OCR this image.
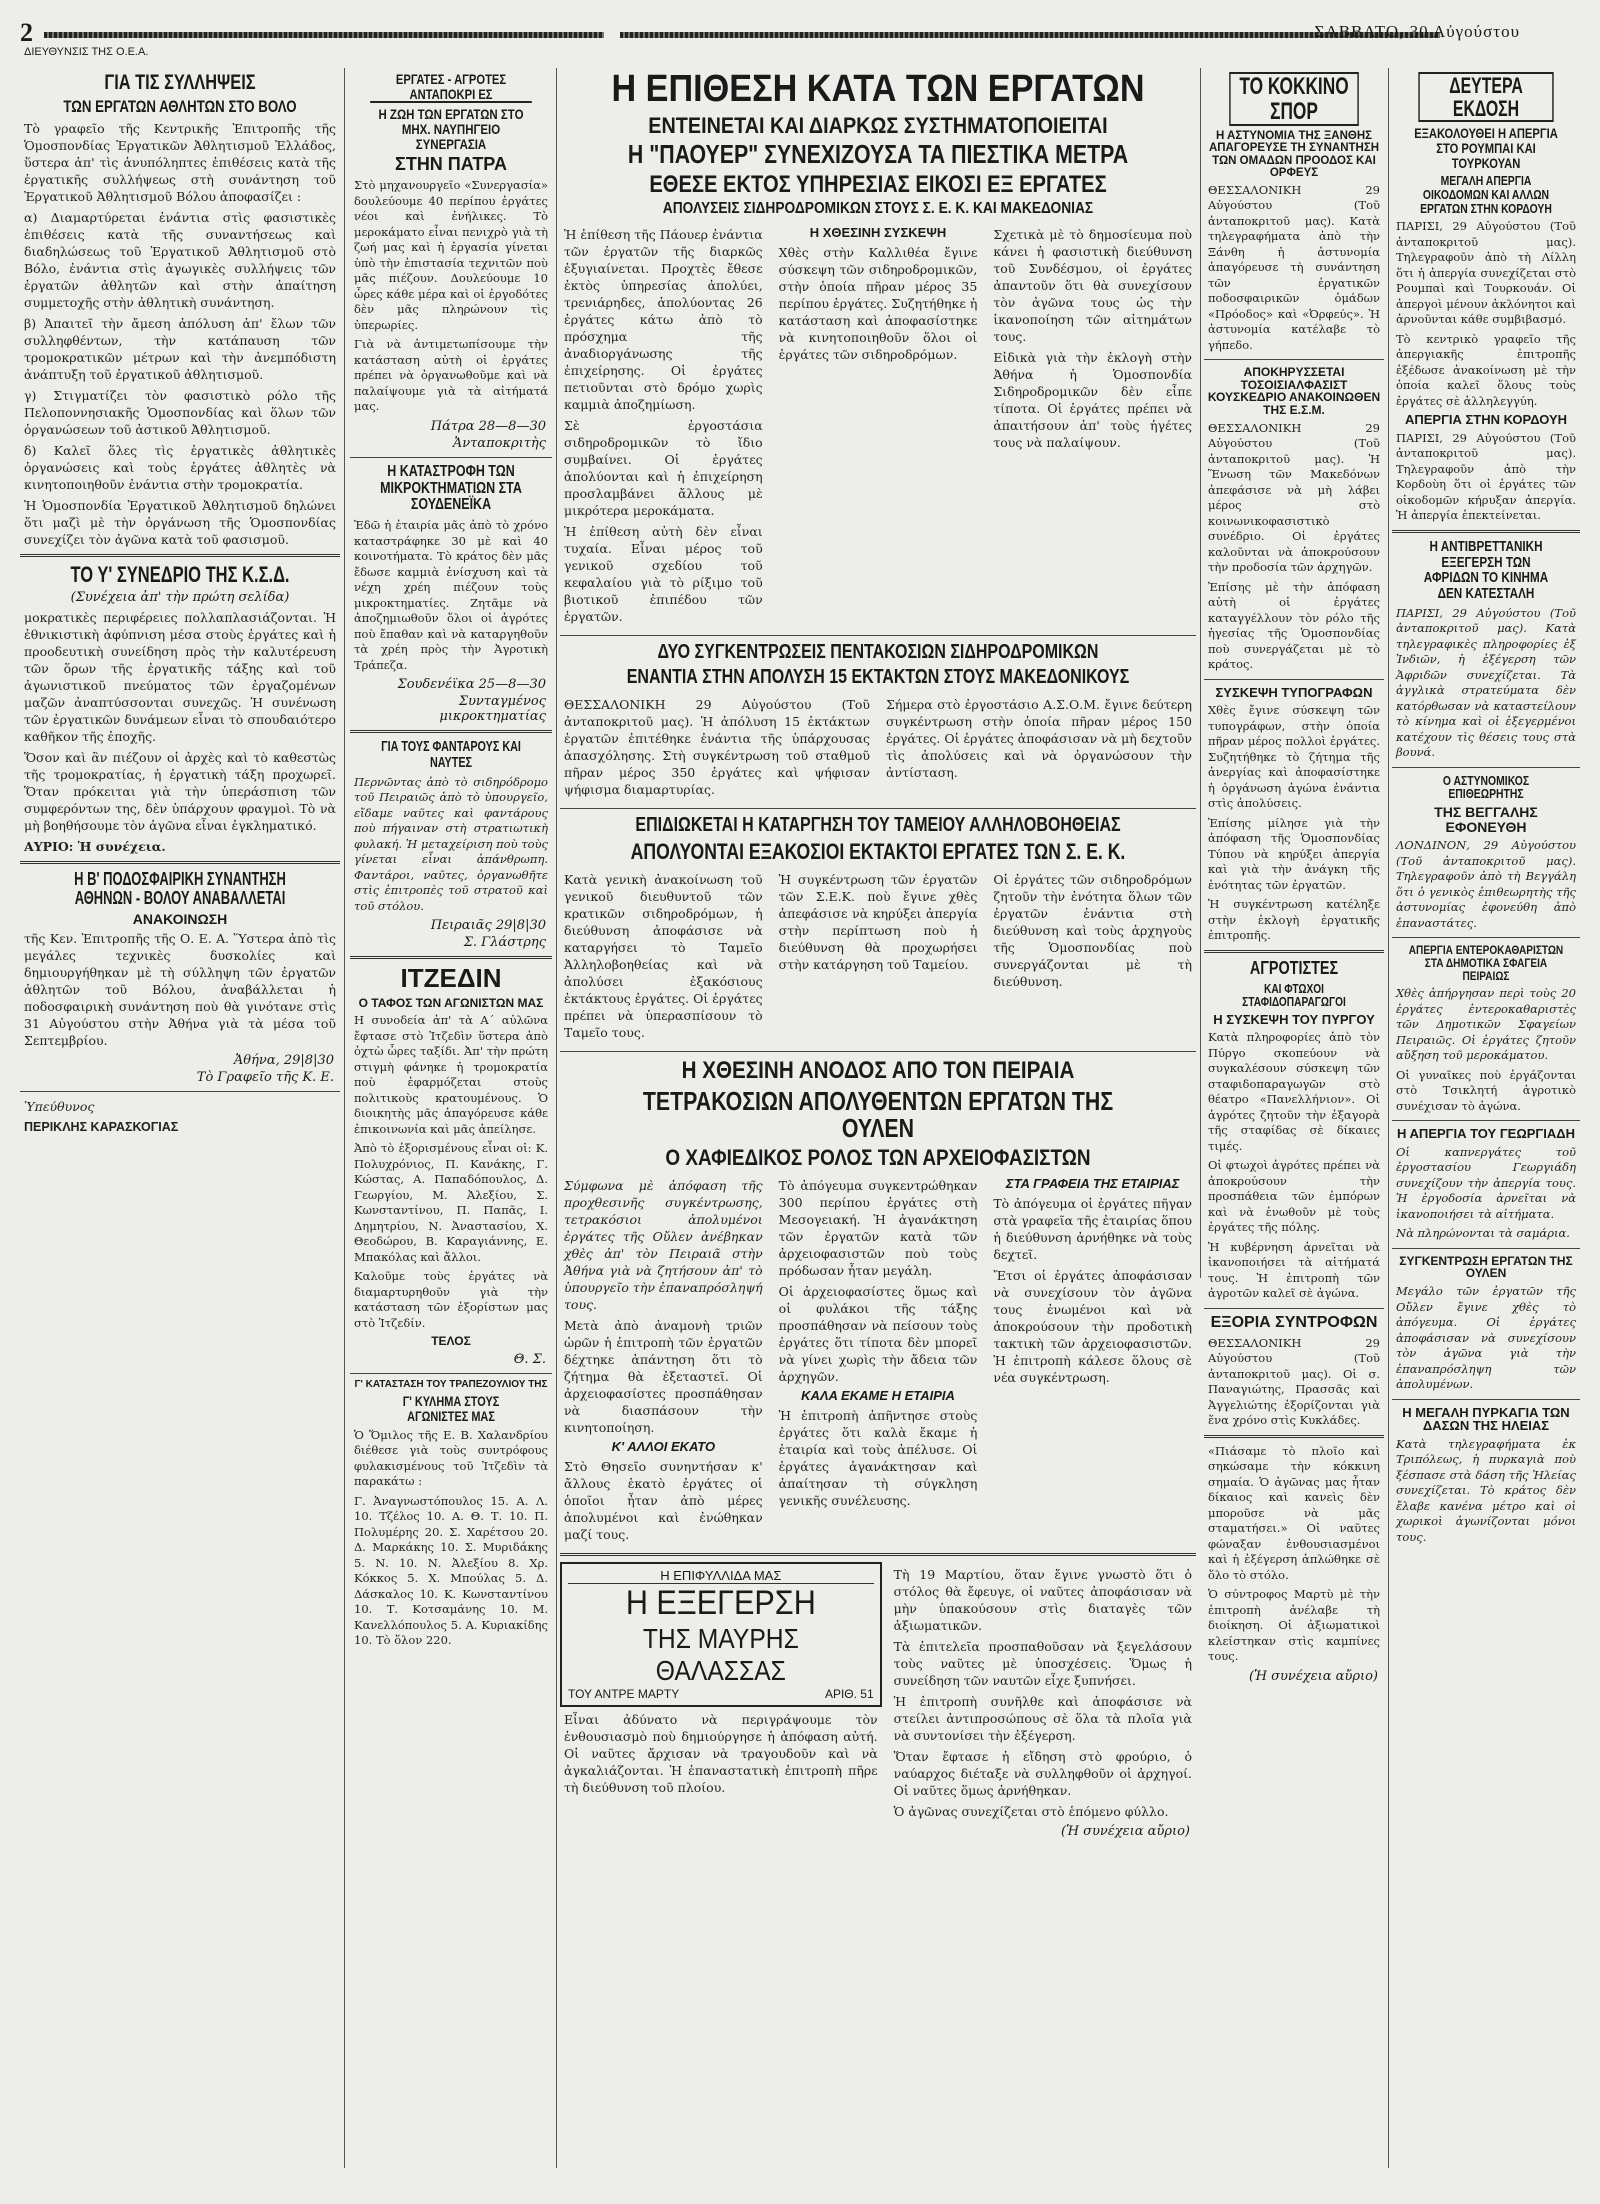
2
ΔΙΕΥΘΥΝΣΙΣ ΤΗΣ Ο.Ε.Α.
ΣΑΒΒΑΤΟ, 30 Αὐγούστου
ΓΙΑ ΤΙΣ ΣΥΛΛΗΨΕΙΣ
ΤΩΝ ΕΡΓΑΤΩΝ ΑΘΛΗΤΩΝ ΣΤΟ ΒΟΛΟ

Τὸ γραφεῖο τῆς Κεντρικῆς Ἐπιτροπῆς τῆς Ὁμοσπονδίας Ἐργατικῶν Ἀθλητισμοῦ Ἑλλάδος, ὕστερα ἀπ' τὶς ἀνυπόληπτες ἐπιθέσεις κατὰ τῆς ἐργατικῆς συλλήψεως στὴ συνάντηση τοῦ Ἐργατικοῦ Ἀθλητισμοῦ Βόλου ἀποφασίζει :

α) Διαμαρτύρεται ἐνάντια στὶς φασιστικὲς ἐπιθέσεις κατὰ τῆς συναντήσεως καὶ διαδηλώσεως τοῦ Ἐργατικοῦ Ἀθλητισμοῦ στὸ Βόλο, ἐνάντια στὶς ἀγωγικὲς συλλήψεις τῶν ἐργατῶν ἀθλητῶν καὶ στὴν ἀπαίτηση συμμετοχῆς στὴν ἀθλητικὴ συνάντηση.

β) Ἀπαιτεῖ τὴν ἄμεση ἀπόλυση ἀπ' ἔλων τῶν συλληφθέντων, τὴν κατάπαυση τῶν τρομοκρατικῶν μέτρων καὶ τὴν ἀνεμπόδιστη ἀνάπτυξη τοῦ ἐργατικοῦ ἀθλητισμοῦ.

γ) Στιγματίζει τὸν φασιστικὸ ρόλο τῆς Πελοποννησιακῆς Ὁμοσπονδίας καὶ ὅλων τῶν ὀργανώσεων τοῦ ἀστικοῦ Ἀθλητισμοῦ.

δ) Καλεῖ ὅλες τὶς ἐργατικὲς ἀθλητικὲς ὀργανώσεις καὶ τοὺς ἐργάτες ἀθλητὲς νὰ κινητοποιηθοῦν ἐνάντια στὴν τρομοκρατία.

Ἡ Ὁμοσπονδία Ἐργατικοῦ Ἀθλητισμοῦ δηλώνει ὅτι μαζὶ μὲ τὴν ὀργάνωση τῆς Ὁμοσπονδίας συνεχίζει τὸν ἀγῶνα κατὰ τοῦ φασισμοῦ.

ΤΟ Υ' ΣΥΝΕΔΡΙΟ ΤΗΣ Κ.Σ.Δ.
(Συνέχεια ἀπ' τὴν πρώτη σελίδα)

μοκρατικὲς περιφέρειες πολλαπλασιάζονται. Ἡ ἐθνικιστικὴ ἀφύπνιση μέσα στοὺς ἐργάτες καὶ ἡ προοδευτικὴ συνείδηση πρὸς τὴν καλυτέρευση τῶν ὅρων τῆς ἐργατικῆς τάξης καὶ τοῦ ἀγωνιστικοῦ πνεύματος τῶν ἐργαζομένων μαζῶν ἀναπτύσσονται συνεχῶς. Ἡ συνένωση τῶν ἐργατικῶν δυνάμεων εἶναι τὸ σπουδαιότερο καθῆκον τῆς ἐποχῆς.

Ὅσον καὶ ἂν πιέζουν οἱ ἀρχὲς καὶ τὸ καθεστὼς τῆς τρομοκρατίας, ἡ ἐργατικὴ τάξη προχωρεῖ. Ὅταν πρόκειται γιὰ τὴν ὑπεράσπιση τῶν συμφερόντων της, δὲν ὑπάρχουν φραγμοὶ. Τὸ νὰ μὴ βοηθήσουμε τὸν ἀγῶνα εἶναι ἐγκληματικό.

ΑΥΡΙΟ: Ἡ συνέχεια.

Η Β' ΠΟΔΟΣΦΑΙΡΙΚΗ ΣΥΝΑΝΤΗΣΗ ΑΘΗΝΩΝ - ΒΟΛΟΥ ΑΝΑΒΑΛΛΕΤΑΙ
ΑΝΑΚΟΙΝΩΣΗ

τῆς Κεν. Ἐπιτροπῆς τῆς Ο. Ε. Α. Ὕστερα ἀπὸ τὶς μεγάλες τεχνικὲς δυσκολίες καὶ δημιουργήθηκαν μὲ τὴ σύλληψη τῶν ἐργατῶν ἀθλητῶν τοῦ Βόλου, ἀναβάλλεται ἡ ποδοσφαιρικὴ συνάντηση ποὺ θὰ γινότανε στὶς 31 Αὐγούστου στὴν Ἀθήνα γιὰ τὰ μέσα τοῦ Σεπτεμβρίου.

Ἀθήνα, 29|8|30
Τὸ Γραφεῖο τῆς Κ. Ε.
Ὑπεύθυνος
ΠΕΡΙΚΛΗΣ ΚΑΡΑΣΚΟΓΙΑΣ
ΕΡΓΑΤΕΣ - ΑΓΡΟΤΕΣ ΑΝΤΑΠΟΚΡΙ ΕΣ
Η ΖΩΗ ΤΩΝ ΕΡΓΑΤΩΝ ΣΤΟ ΜΗΧ. ΝΑΥΠΗΓΕΙΟ ΣΥΝΕΡΓΑΣΙΑ
ΣΤΗΝ ΠΑΤΡΑ

Στὸ μηχανουργεῖο «Συνεργασία» δουλεύουμε 40 περίπου ἐργάτες νέοι καὶ ἐνήλικες. Τὸ μεροκάματο εἶναι πενιχρὸ γιὰ τὴ ζωή μας καὶ ἡ ἐργασία γίνεται ὑπὸ τὴν ἐπιστασία τεχνιτῶν ποὺ μᾶς πιέζουν. Δουλεύουμε 10 ὧρες κάθε μέρα καὶ οἱ ἐργοδότες δὲν μᾶς πληρώνουν τὶς ὑπερωρίες.

Γιὰ νὰ ἀντιμετωπίσουμε τὴν κατάσταση αὐτὴ οἱ ἐργάτες πρέπει νὰ ὀργανωθοῦμε καὶ νὰ παλαίψουμε γιὰ τὰ αἰτήματά μας.

Πάτρα 28—8—30
Ἀνταποκριτὴς
Η ΚΑΤΑΣΤΡΟΦΗ ΤΩΝ ΜΙΚΡΟΚΤΗΜΑΤΙΩΝ ΣΤΑ ΣΟΥΔΕΝΕΪΚΑ

Ἐδῶ ἡ ἐταιρία μᾶς ἀπὸ τὸ χρόνο καταστράφηκε 30 μὲ καὶ 40 κοινοτήματα. Τὸ κράτος δὲν μᾶς ἔδωσε καμμιὰ ἐνίσχυση καὶ τὰ νέχη χρέη πιέζουν τοὺς μικροκτηματίες. Ζητᾶμε νὰ ἀποζημιωθοῦν ὅλοι οἱ ἀγρότες ποὺ ἔπαθαν καὶ νὰ καταργηθοῦν τὰ χρέη πρὸς τὴν Ἀγροτικὴ Τράπεζα.

Σουδενέϊκα 25—8—30
Συνταγμένος μικροκτηματίας
ΓΙΑ ΤΟΥΣ ΦΑΝΤΑΡΟΥΣ ΚΑΙ ΝΑΥΤΕΣ

Περνῶντας ἀπὸ τὸ σιδηρόδρομο τοῦ Πειραιῶς ἀπὸ τὸ ὑπουργεῖο, εἴδαμε ναῦτες καὶ φαντάρους ποὺ πήγαιναν στὴ στρατιωτικὴ φυλακή. Ἡ μεταχείριση ποὺ τοὺς γίνεται εἶναι ἀπάνθρωπη. Φαντάροι, ναῦτες, ὀργανωθῆτε στὶς ἐπιτροπὲς τοῦ στρατοῦ καὶ τοῦ στόλου.

Πειραιᾶς 29|8|30
Σ. Γλάστρης
ΙΤΖΕΔΙΝ
Ο ΤΑΦΟΣ ΤΩΝ ΑΓΩΝΙΣΤΩΝ ΜΑΣ

Η συνοδεία ἀπ' τὰ Α΄ αὐλῶνα ἔφτασε στὸ Ἰτζεδὶν ὕστερα ἀπὸ ὀχτὼ ὧρες ταξίδι. Ἀπ' τὴν πρώτη στιγμὴ φάνηκε ἡ τρομοκρατία ποὺ ἐφαρμόζεται στοὺς πολιτικοὺς κρατουμένους. Ὁ διοικητὴς μᾶς ἀπαγόρευσε κάθε ἐπικοινωνία καὶ μᾶς ἀπείλησε.

Ἀπὸ τὸ ἐξορισμένους εἶναι οἱ: Κ. Πολυχρόνιος, Π. Κανάκης, Γ. Κώστας, Α. Παπαδόπουλος, Δ. Γεωργίου, Μ. Ἀλεξίου, Σ. Κωνσταντίνου, Π. Παπᾶς, Ι. Δημητρίου, Ν. Ἀναστασίου, Χ. Θεοδώρου, Β. Καραγιάννης, Ε. Μπακόλας καὶ ἄλλοι.

Καλοῦμε τοὺς ἐργάτες νὰ διαμαρτυρηθοῦν γιὰ τὴν κατάσταση τῶν ἐξορίστων μας στὸ Ἰτζεδίν.

ΤΕΛΟΣ
Θ. Σ.
Γ' ΚΑΤΑΣΤΑΣΗ ΤΟΥ ΤΡΑΠΕΖΟΥΛΙΟΥ ΤΗΣ
Γ' ΚΥΛΗΜΑ ΣΤΟΥΣ ΑΓΩΝΙΣΤΕΣ ΜΑΣ

Ὁ Ὅμιλος τῆς Ε. Β. Χαλανδρίου διέθεσε γιὰ τοὺς συντρόφους φυλακισμένους τοῦ Ἰτζεδὶν τὰ παρακάτω :

Γ. Ἀναγνωστόπουλος 15. Α. Λ. 10. Τζέλος 10. Α. Θ. Τ. 10. Π. Πολυμέρης 20. Σ. Χαρέτσου 20. Δ. Μαρκάκης 10. Σ. Μυριδάκης 5. Ν. 10. Ν. Ἀλεξίου 8. Χρ. Κόκκος 5. Χ. Μπούλας 5. Δ. Δάσκαλος 10. Κ. Κωνσταντίνου 10. Τ. Κοτσαμάνης 10. Μ. Κανελλόπουλος 5. Α. Κυριακίδης 10. Τὸ ὅλον 220.

Η ΕΠΙΘΕΣΗ ΚΑΤΑ ΤΩΝ ΕΡΓΑΤΩΝ
ΕΝΤΕΙΝΕΤΑΙ ΚΑΙ ΔΙΑΡΚΩΣ ΣΥΣΤΗΜΑΤΟΠΟΙΕΙΤΑΙ
Η "ΠΑΟΥΕΡ" ΣΥΝΕΧΙΖΟΥΣΑ ΤΑ ΠΙΕΣΤΙΚΑ ΜΕΤΡΑ
ΕΘΕΣΕ ΕΚΤΟΣ ΥΠΗΡΕΣΙΑΣ ΕΙΚΟΣΙ ΕΞ ΕΡΓΑΤΕΣ
ΑΠΟΛΥΣΕΙΣ ΣΙΔΗΡΟΔΡΟΜΙΚΩΝ ΣΤΟΥΣ Σ. Ε. Κ. ΚΑΙ ΜΑΚΕΔΟΝΙΑΣ

Ἡ ἐπίθεση τῆς Πάουερ ἐνάντια τῶν ἐργατῶν τῆς διαρκῶς ἐξυγιαίνεται. Προχτὲς ἔθεσε ἐκτὸς ὑπηρεσίας ἀπολύει, τρενιάρηδες, ἀπολύοντας 26 ἐργάτες κάτω ἀπὸ τὸ πρόσχημα τῆς ἀναδιοργάνωσης τῆς ἐπιχείρησης. Οἱ ἐργάτες πετιοῦνται στὸ δρόμο χωρὶς καμμιὰ ἀποζημίωση.

Σὲ ἐργοστάσια σιδηροδρομικῶν τὸ ἴδιο συμβαίνει. Οἱ ἐργάτες ἀπολύονται καὶ ἡ ἐπιχείρηση προσλαμβάνει ἄλλους μὲ μικρότερα μεροκάματα.

Ἡ ἐπίθεση αὐτὴ δὲν εἶναι τυχαία. Εἶναι μέρος τοῦ γενικοῦ σχεδίου τοῦ κεφαλαίου γιὰ τὸ ρίξιμο τοῦ βιοτικοῦ ἐπιπέδου τῶν ἐργατῶν.

Η ΧΘΕΣΙΝΗ ΣΥΣΚΕΨΗ

Χθὲς στὴν Καλλιθέα ἔγινε σύσκεψη τῶν σιδηροδρομικῶν, στὴν ὁποία πῆραν μέρος 35 περίπου ἐργάτες. Συζητήθηκε ἡ κατάσταση καὶ ἀποφασίστηκε νὰ κινητοποιηθοῦν ὅλοι οἱ ἐργάτες τῶν σιδηροδρόμων.

Σχετικὰ μὲ τὸ δημοσίευμα ποὺ κάνει ἡ φασιστικὴ διεύθυνση τοῦ Συνδέσμου, οἱ ἐργάτες ἀπαντοῦν ὅτι θὰ συνεχίσουν τὸν ἀγῶνα τους ὡς τὴν ἱκανοποίηση τῶν αἰτημάτων τους.

Εἰδικὰ γιὰ τὴν ἐκλογὴ στὴν Ἀθήνα ἡ Ὁμοσπονδία Σιδηροδρομικῶν δὲν εἶπε τίποτα. Οἱ ἐργάτες πρέπει νὰ ἀπαιτήσουν ἀπ' τοὺς ἡγέτες τους νὰ παλαίψουν.

ΔΥΟ ΣΥΓΚΕΝΤΡΩΣΕΙΣ ΠΕΝΤΑΚΟΣΙΩΝ ΣΙΔΗΡΟΔΡΟΜΙΚΩΝ
ΕΝΑΝΤΙΑ ΣΤΗΝ ΑΠΟΛΥΣΗ 15 ΕΚΤΑΚΤΩΝ ΣΤΟΥΣ ΜΑΚΕΔΟΝΙΚΟΥΣ

ΘΕΣΣΑΛΟΝΙΚΗ 29 Αὐγούστου (Τοῦ ἀνταποκριτοῦ μας). Ἡ ἀπόλυση 15 ἐκτάκτων ἐργατῶν ἐπιτέθηκε ἐνάντια τῆς ὑπάρχουσας ἀπασχόλησης. Στὴ συγκέντρωση τοῦ σταθμοῦ πῆραν μέρος 350 ἐργάτες καὶ ψήφισαν ψήφισμα διαμαρτυρίας.

Σήμερα στὸ ἐργοστάσιο Α.Σ.Ο.Μ. ἔγινε δεύτερη συγκέντρωση στὴν ὁποία πῆραν μέρος 150 ἐργάτες. Οἱ ἐργάτες ἀποφάσισαν νὰ μὴ δεχτοῦν τὶς ἀπολύσεις καὶ νὰ ὀργανώσουν τὴν ἀντίσταση.

ΕΠΙΔΙΩΚΕΤΑΙ Η ΚΑΤΑΡΓΗΣΗ ΤΟΥ ΤΑΜΕΙΟΥ ΑΛΛΗΛΟΒΟΗΘΕΙΑΣ
ΑΠΟΛΥΟΝΤΑΙ ΕΞΑΚΟΣΙΟΙ ΕΚΤΑΚΤΟΙ ΕΡΓΑΤΕΣ ΤΩΝ Σ. Ε. Κ.

Κατὰ γενικὴ ἀνακοίνωση τοῦ γενικοῦ διευθυντοῦ τῶν κρατικῶν σιδηροδρόμων, ἡ διεύθυνση ἀποφάσισε νὰ καταργήσει τὸ Ταμεῖο Ἀλληλοβοηθείας καὶ νὰ ἀπολύσει ἐξακόσιους ἐκτάκτους ἐργάτες. Οἱ ἐργάτες πρέπει νὰ ὑπερασπίσουν τὸ Ταμεῖο τους.

Ἡ συγκέντρωση τῶν ἐργατῶν τῶν Σ.Ε.Κ. ποὺ ἔγινε χθὲς ἀπεφάσισε νὰ κηρύξει ἀπεργία στὴν περίπτωση ποὺ ἡ διεύθυνση θὰ προχωρήσει στὴν κατάργηση τοῦ Ταμείου.

Οἱ ἐργάτες τῶν σιδηροδρόμων ζητοῦν τὴν ἐνότητα ὅλων τῶν ἐργατῶν ἐνάντια στὴ διεύθυνση καὶ τοὺς ἀρχηγοὺς τῆς Ὁμοσπονδίας ποὺ συνεργάζονται μὲ τὴ διεύθυνση.

Η ΧΘΕΣΙΝΗ ΑΝΟΔΟΣ ΑΠΟ ΤΟΝ ΠΕΙΡΑΙΑ
ΤΕΤΡΑΚΟΣΙΩΝ ΑΠΟΛΥΘΕΝΤΩΝ ΕΡΓΑΤΩΝ ΤΗΣ ΟΥΛΕΝ
Ο ΧΑΦΙΕΔΙΚΟΣ ΡΟΛΟΣ ΤΩΝ ΑΡΧΕΙΟΦΑΣΙΣΤΩΝ

Σύμφωνα μὲ ἀπόφαση τῆς προχθεσινῆς συγκέντρωσης, τετρακόσιοι ἀπολυμένοι ἐργάτες τῆς Οὔλεν ἀνέβηκαν χθὲς ἀπ' τὸν Πειραιᾶ στὴν Ἀθήνα γιὰ νὰ ζητήσουν ἀπ' τὸ ὑπουργεῖο τὴν ἐπαναπρόσληψή τους.

Μετὰ ἀπὸ ἀναμονὴ τριῶν ὡρῶν ἡ ἐπιτροπὴ τῶν ἐργατῶν δέχτηκε ἀπάντηση ὅτι τὸ ζήτημα θὰ ἐξεταστεῖ. Οἱ ἀρχειοφασίστες προσπάθησαν νὰ διασπάσουν τὴν κινητοποίηση.

Κ' ΑΛΛΟΙ ΕΚΑΤΟ

Στὸ Θησεῖο συνηντήσαν κ' ἄλλους ἑκατὸ ἐργάτες οἱ ὁποῖοι ἦταν ἀπὸ μέρες ἀπολυμένοι καὶ ἐνώθηκαν μαζί τους.

Τὸ ἀπόγευμα συγκεντρώθηκαν 300 περίπου ἐργάτες στὴ Μεσογειακή. Ἡ ἀγανάκτηση τῶν ἐργατῶν κατὰ τῶν ἀρχειοφασιστῶν ποὺ τοὺς πρόδωσαν ἦταν μεγάλη.

Οἱ ἀρχειοφασίστες ὅμως καὶ οἱ φυλάκοι τῆς τάξης προσπάθησαν νὰ πείσουν τοὺς ἐργάτες ὅτι τίποτα δὲν μπορεῖ νὰ γίνει χωρὶς τὴν ἄδεια τῶν ἀρχηγῶν.

ΚΑΛΑ ΕΚΑΜΕ Η ΕΤΑΙΡΙΑ

Ἡ ἐπιτροπὴ ἀπῆντησε στοὺς ἐργάτες ὅτι καλὰ ἔκαμε ἡ ἐταιρία καὶ τοὺς ἀπέλυσε. Οἱ ἐργάτες ἀγανάκτησαν καὶ ἀπαίτησαν τὴ σύγκληση γενικῆς συνέλευσης.

ΣΤΑ ΓΡΑΦΕΙΑ ΤΗΣ ΕΤΑΙΡΙΑΣ

Τὸ ἀπόγευμα οἱ ἐργάτες πῆγαν στὰ γραφεῖα τῆς ἐταιρίας ὅπου ἡ διεύθυνση ἀρνήθηκε νὰ τοὺς δεχτεῖ.

Ἔτσι οἱ ἐργάτες ἀποφάσισαν νὰ συνεχίσουν τὸν ἀγῶνα τους ἐνωμένοι καὶ νὰ ἀποκρούσουν τὴν προδοτικὴ τακτικὴ τῶν ἀρχειοφασιστῶν. Ἡ ἐπιτροπὴ κάλεσε ὅλους σὲ νέα συγκέντρωση.

Η ΕΠΙΦΥΛΛΙΔΑ ΜΑΣ
Η ΕΞΕΓΕΡΣΗ
ΤΗΣ ΜΑΥΡΗΣ ΘΑΛΑΣΣΑΣ
ΤΟΥ ΑΝΤΡΕ ΜΑΡΤΥ	ΑΡΙΘ. 51

Εἶναι ἀδύνατο νὰ περιγράψουμε τὸν ἐνθουσιασμὸ ποὺ δημιούργησε ἡ ἀπόφαση αὐτή. Οἱ ναῦτες ἄρχισαν νὰ τραγουδοῦν καὶ νὰ ἀγκαλιάζονται. Ἡ ἐπαναστατικὴ ἐπιτροπὴ πῆρε τὴ διεύθυνση τοῦ πλοίου.

Τὴ 19 Μαρτίου, ὅταν ἔγινε γνωστὸ ὅτι ὁ στόλος θὰ ἔφευγε, οἱ ναῦτες ἀποφάσισαν νὰ μὴν ὑπακούσουν στὶς διαταγὲς τῶν ἀξιωματικῶν.

Τὰ ἐπιτελεῖα προσπαθοῦσαν νὰ ξεγελάσουν τοὺς ναῦτες μὲ ὑποσχέσεις. Ὅμως ἡ συνείδηση τῶν ναυτῶν εἶχε ξυπνήσει.

Ἡ ἐπιτροπὴ συνῆλθε καὶ ἀποφάσισε νὰ στείλει ἀντιπροσώπους σὲ ὅλα τὰ πλοῖα γιὰ νὰ συντονίσει τὴν ἐξέγερση.

Ὅταν ἔφτασε ἡ εἴδηση στὸ φρούριο, ὁ ναύαρχος διέταξε νὰ συλληφθοῦν οἱ ἀρχηγοί. Οἱ ναῦτες ὅμως ἀρνήθηκαν.

Ὁ ἀγῶνας συνεχίζεται στὸ ἑπόμενο φύλλο.

(Ἡ συνέχεια αὔριο)
ΤΟ ΚΟΚΚΙΝΟ ΣΠΟΡ
Η ΑΣΤΥΝΟΜΙΑ ΤΗΣ ΞΑΝΘΗΣ ΑΠΑΓΟΡΕΥΣΕ ΤΗ ΣΥΝΑΝΤΗΣΗ ΤΩΝ ΟΜΑΔΩΝ ΠΡΟΟΔΟΣ ΚΑΙ ΟΡΦΕΥΣ

ΘΕΣΣΑΛΟΝΙΚΗ 29 Αὐγούστου (Τοῦ ἀνταποκριτοῦ μας). Κατὰ τηλεγραφήματα ἀπὸ τὴν Ξάνθη ἡ ἀστυνομία ἀπαγόρευσε τὴ συνάντηση τῶν ἐργατικῶν ποδοσφαιρικῶν ὁμάδων «Πρόοδος» καὶ «Ὀρφεύς». Ἡ ἀστυνομία κατέλαβε τὸ γήπεδο.

ΑΠΟΚΗΡΥΣΣΕΤΑΙ ΤΟΣΟΙΣΙΑΛΦΑΣΙΣΤ ΚΟΥΣΚΕΔΡΙΟ ΑΝΑΚΟΙΝΩΘΕΝ ΤΗΣ Ε.Σ.Μ.

ΘΕΣΣΑΛΟΝΙΚΗ 29 Αὐγούστου (Τοῦ ἀνταποκριτοῦ μας). Ἡ Ἕνωση τῶν Μακεδόνων ἀπεφάσισε νὰ μὴ λάβει μέρος στὸ κοινωνικοφασιστικὸ συνέδριο. Οἱ ἐργάτες καλοῦνται νὰ ἀποκρούσουν τὴν προδοσία τῶν ἀρχηγῶν.

Ἐπίσης μὲ τὴν ἀπόφαση αὐτὴ οἱ ἐργάτες καταγγέλλουν τὸν ρόλο τῆς ἡγεσίας τῆς Ὁμοσπονδίας ποὺ συνεργάζεται μὲ τὸ κράτος.

ΣΥΣΚΕΨΗ ΤΥΠΟΓΡΑΦΩΝ

Χθὲς ἔγινε σύσκεψη τῶν τυπογράφων, στὴν ὁποία πῆραν μέρος πολλοὶ ἐργάτες. Συζητήθηκε τὸ ζήτημα τῆς ἀνεργίας καὶ ἀποφασίστηκε ἡ ὀργάνωση ἀγώνα ἐνάντια στὶς ἀπολύσεις.

Ἐπίσης μίλησε γιὰ τὴν ἀπόφαση τῆς Ὁμοσπονδίας Τύπου νὰ κηρύξει ἀπεργία καὶ γιὰ τὴν ἀνάγκη τῆς ἑνότητας τῶν ἐργατῶν.

Ἡ συγκέντρωση κατέληξε στὴν ἐκλογὴ ἐργατικῆς ἐπιτροπῆς.

ΑΓΡΟΤΙΣΤΕΣ
ΚΑΙ ΦΤΩΧΟΙ ΣΤΑΦΙΔΟΠΑΡΑΓΩΓΟΙ
Η ΣΥΣΚΕΨΗ ΤΟΥ ΠΥΡΓΟΥ

Κατὰ πληροφορίες ἀπὸ τὸν Πύργο σκοπεύουν νὰ συγκαλέσουν σύσκεψη τῶν σταφιδοπαραγωγῶν στὸ θέατρο «Πανελλήνιον». Οἱ ἀγρότες ζητοῦν τὴν ἐξαγορὰ τῆς σταφίδας σὲ δίκαιες τιμές.

Οἱ φτωχοὶ ἀγρότες πρέπει νὰ ἀποκρούσουν τὴν προσπάθεια τῶν ἐμπόρων καὶ νὰ ἑνωθοῦν μὲ τοὺς ἐργάτες τῆς πόλης.

Ἡ κυβέρνηση ἀρνεῖται νὰ ἱκανοποιήσει τὰ αἰτήματά τους. Ἡ ἐπιτροπὴ τῶν ἀγροτῶν καλεῖ σὲ ἀγώνα.

ΕΞΟΡΙΑ ΣΥΝΤΡΟΦΩΝ

ΘΕΣΣΑΛΟΝΙΚΗ 29 Αὐγούστου (Τοῦ ἀνταποκριτοῦ μας). Οἱ σ. Παναγιώτης, Πρασσᾶς καὶ Ἀγγελιώτης ἐξορίζονται γιὰ ἕνα χρόνο στὶς Κυκλάδες.

«Πιάσαμε τὸ πλοῖο καὶ σηκώσαμε τὴν κόκκινη σημαία. Ὁ ἀγῶνας μας ἦταν δίκαιος καὶ κανεὶς δὲν μποροῦσε νὰ μᾶς σταματήσει.» Οἱ ναῦτες φώναξαν ἐνθουσιασμένοι καὶ ἡ ἐξέγερση ἁπλώθηκε σὲ ὅλο τὸ στόλο.

Ὁ σύντροφος Μαρτὺ μὲ τὴν ἐπιτροπὴ ἀνέλαβε τὴ διοίκηση. Οἱ ἀξιωματικοὶ κλείστηκαν στὶς καμπίνες τους.

(Ἡ συνέχεια αὔριο)
ΔΕΥΤΕΡΑ ΕΚΔΟΣΗ
ΕΞΑΚΟΛΟΥΘΕΙ Η ΑΠΕΡΓΙΑ ΣΤΟ ΡΟΥΜΠΑΙ ΚΑΙ ΤΟΥΡΚΟΥΑΝ
ΜΕΓΑΛΗ ΑΠΕΡΓΙΑ ΟΙΚΟΔΟΜΩΝ ΚΑΙ ΑΛΛΩΝ ΕΡΓΑΤΩΝ ΣΤΗΝ ΚΟΡΔΟΥΗ

ΠΑΡΙΣΙ, 29 Αὐγούστου (Τοῦ ἀνταποκριτοῦ μας). Τηλεγραφοῦν ἀπὸ τὴ Λίλλη ὅτι ἡ ἀπεργία συνεχίζεται στὸ Ρουμπαὶ καὶ Τουρκουάν. Οἱ ἀπεργοὶ μένουν ἀκλόνητοι καὶ ἀρνοῦνται κάθε συμβιβασμό.

Τὸ κεντρικὸ γραφεῖο τῆς ἀπεργιακῆς ἐπιτροπῆς ἐξέδωσε ἀνακοίνωση μὲ τὴν ὁποία καλεῖ ὅλους τοὺς ἐργάτες σὲ ἀλληλεγγύη.

ΑΠΕΡΓΙΑ ΣΤΗΝ ΚΟΡΔΟΥΗ

ΠΑΡΙΣΙ, 29 Αὐγούστου (Τοῦ ἀνταποκριτοῦ μας). Τηλεγραφοῦν ἀπὸ τὴν Κορδοὺη ὅτι οἱ ἐργάτες τῶν οἰκοδομῶν κήρυξαν ἀπεργία. Ἡ ἀπεργία ἐπεκτείνεται.

Η ΑΝΤΙΒΡΕΤΤΑΝΙΚΗ ΕΞΕΓΕΡΣΗ ΤΩΝ ΑΦΡΙΔΩΝ ΤΟ ΚΙΝΗΜΑ ΔΕΝ ΚΑΤΕΣΤΑΛΗ

ΠΑΡΙΣΙ, 29 Αὐγούστου (Τοῦ ἀνταποκριτοῦ μας). Κατὰ τηλεγραφικὲς πληροφορίες ἐξ Ἰνδιῶν, ἡ ἐξέγερση τῶν Ἀφριδῶν συνεχίζεται. Τὰ ἀγγλικὰ στρατεύματα δὲν κατόρθωσαν νὰ καταστείλουν τὸ κίνημα καὶ οἱ ἐξεγερμένοι κατέχουν τὶς θέσεις τους στὰ βουνά.

Ο ΑΣΤΥΝΟΜΙΚΟΣ ΕΠΙΘΕΩΡΗΤΗΣ
ΤΗΣ ΒΕΓΓΑΛΗΣ ΕΦΟΝΕΥΘΗ

ΛΟΝΔΙΝΟΝ, 29 Αὐγούστου (Τοῦ ἀνταποκριτοῦ μας). Τηλεγραφοῦν ἀπὸ τὴ Βεγγάλη ὅτι ὁ γενικὸς ἐπιθεωρητὴς τῆς ἀστυνομίας ἐφονεύθη ἀπὸ ἐπαναστάτες.

ΑΠΕΡΓΙΑ ΕΝΤΕΡΟΚΑΘΑΡΙΣΤΩΝ ΣΤΑ ΔΗΜΟΤΙΚΑ ΣΦΑΓΕΙΑ ΠΕΙΡΑΙΩΣ

Χθὲς ἀπήργησαν περὶ τοὺς 20 ἐργάτες ἐντεροκαθαριστὲς τῶν Δημοτικῶν Σφαγείων Πειραιῶς. Οἱ ἐργάτες ζητοῦν αὔξηση τοῦ μεροκάματου.

Οἱ γυναῖκες ποὺ ἐργάζονται στὸ Τσικλητή ἀγροτικὸ συνέχισαν τὸ ἀγώνα.

Η ΑΠΕΡΓΙΑ ΤΟΥ ΓΕΩΡΓΙΑΔΗ

Οἱ καπνεργάτες τοῦ ἐργοστασίου Γεωργιάδη συνεχίζουν τὴν ἀπεργία τους. Ἡ ἐργοδοσία ἀρνεῖται νὰ ἱκανοποιήσει τὰ αἰτήματα.

Νὰ πληρώνονται τὰ σαμάρια.

ΣΥΓΚΕΝΤΡΩΣΗ ΕΡΓΑΤΩΝ ΤΗΣ ΟΥΛΕΝ

Μεγάλο τῶν ἐργατῶν τῆς Οὔλεν ἔγινε χθὲς τὸ ἀπόγευμα. Οἱ ἐργάτες ἀποφάσισαν νὰ συνεχίσουν τὸν ἀγῶνα γιὰ τὴν ἐπαναπρόσληψη τῶν ἀπολυμένων.

Η ΜΕΓΑΛΗ ΠΥΡΚΑΓΙΑ ΤΩΝ ΔΑΣΩΝ ΤΗΣ ΗΛΕΙΑΣ

Κατὰ τηλεγραφήματα ἐκ Τριπόλεως, ἡ πυρκαγιὰ ποὺ ξέσπασε στὰ δάση τῆς Ἠλείας συνεχίζεται. Τὸ κράτος δὲν ἔλαβε κανένα μέτρο καὶ οἱ χωρικοὶ ἀγωνίζονται μόνοι τους.
